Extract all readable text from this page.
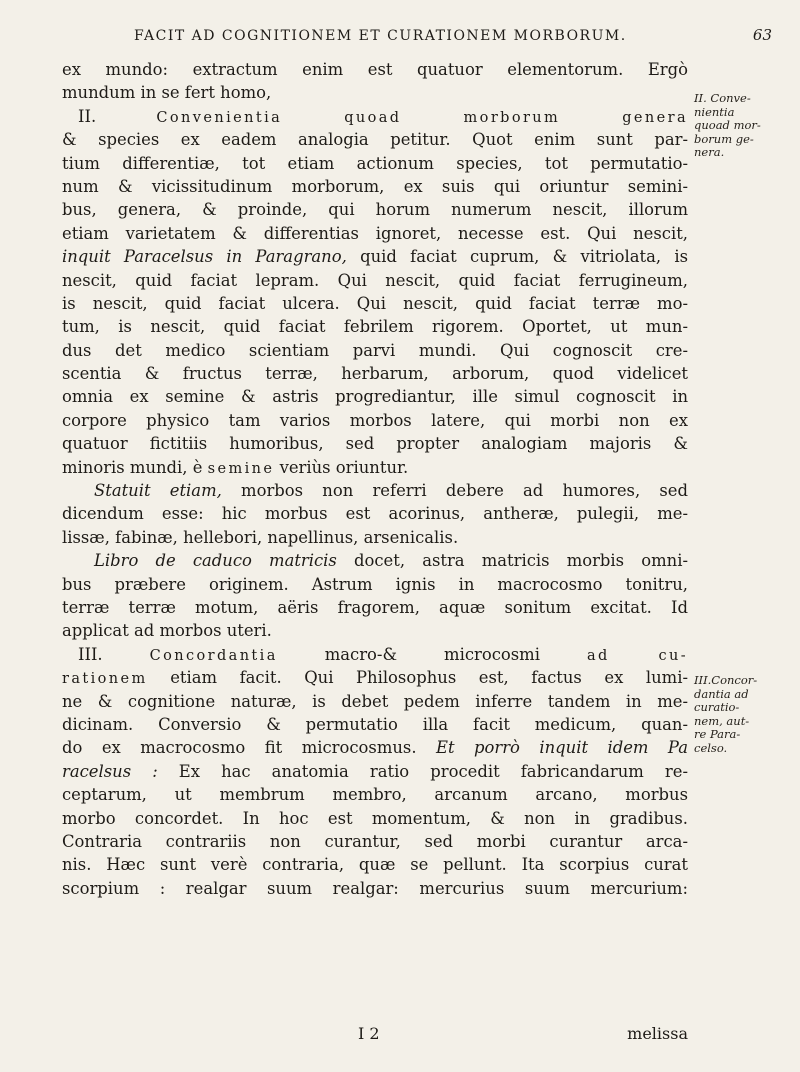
FACIT AD COGNITIONEM ET CURATIONEM MORBORUM.	63
ex mundo: extractum enim est quatuor elementorum. Ergò
mundum in se fert homo,
II.	Convenientia quoad morborum genera
& species ex eadem analogia petitur. Quot enim sunt par-
tium differentiæ, tot etiam actionum species, tot permutatio-
num & vicissitudinum morborum, ex suis qui oriuntur semini-
bus, genera, & proinde, qui horum numerum nescit, illorum
etiam varietatem & differentias ignoret, necesse est. Qui nescit,
inquit Paracelsus in Paragrano, quid faciat cuprum, & vitriolata, is
nescit, quid faciat lepram. Qui nescit, quid faciat ferrugineum,
is nescit, quid faciat ulcera. Qui nescit, quid faciat terræ mo-
tum, is nescit, quid faciat febrilem rigorem. Oportet, ut mun-
dus det medico scientiam parvi mundi. Qui cognoscit cre-
scentia & fructus terræ, herbarum, arborum, quod videlicet
omnia ex semine & astris progrediantur, ille simul cognoscit in
corpore physico tam varios morbos latere, qui morbi non ex
quatuor fictitiis humoribus, sed propter analogiam majoris &
minoris mundi, è semine veriùs oriuntur.
Statuit etiam, morbos non referri debere ad humores, sed
dicendum esse: hic morbus est acorinus, antheræ, pulegii, me-
lissæ, fabinæ, hellebori, napellinus, arsenicalis.
Libro de caduco matricis docet, astra matricis morbis omni-
bus præbere originem. Astrum ignis in macrocosmo tonitru,
terræ terræ motum, aëris fragorem, aquæ sonitum excitat. Id
applicat ad morbos uteri.
III.	Concordantia macro-& microcosmi ad cu-
rationem etiam facit. Qui Philosophus est, factus ex lumi-
ne & cognitione naturæ, is debet pedem inferre tandem in me-
dicinam. Conversio & permutatio illa facit medicum, quan-
do ex macrocosmo fit microcosmus. Et porrò inquit idem Pa
racelsus : Ex hac anatomia ratio procedit fabricandarum re-
ceptarum, ut membrum membro, arcanum arcano, morbus
morbo concordet. In hoc est momentum, & non in gradibus.
Contraria contrariis non curantur, sed morbi curantur arca-
nis. Hæc sunt verè contraria, quæ se pellunt. Ita scorpius curat
scorpium : realgar suum realgar: mercurius suum mercurium:
II. Conve-
nientia
quoad mor-
borum ge-
nera.
III.Concor-
dantia ad
curatio-
nem, aut-
re Para-
celso.
I 2	melissa
